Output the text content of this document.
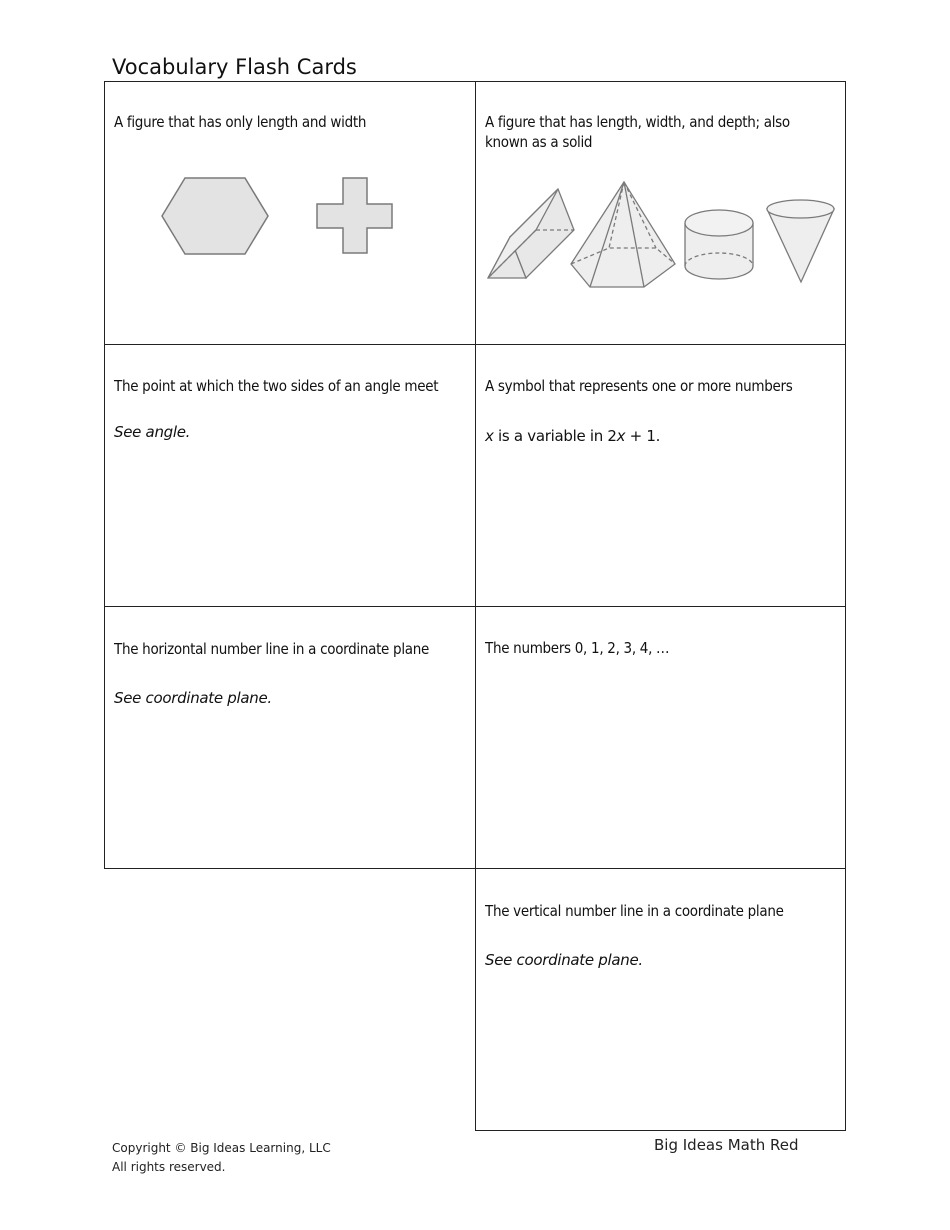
Vocabulary Flash Cards
A figure that has only length and width	A figure that has length, width, and depth; also known as a solid
The point at which the two sides of an angle meet
See angle.
A symbol that represents one or more numbers
x is a variable in 2x + 1.
The horizontal number line in a coordinate plane
See coordinate plane.
The numbers 0, 1, 2, 3, 4, …
The vertical number line in a coordinate plane
See coordinate plane.
Copyright © Big Ideas Learning, LLC
All rights reserved.
Big Ideas Math Red
